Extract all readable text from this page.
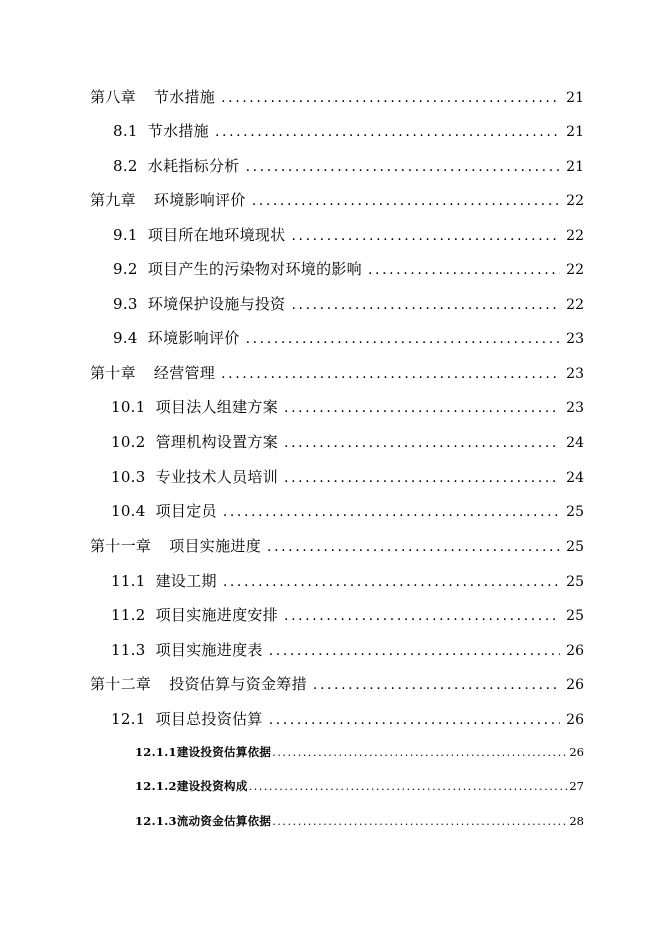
第八章 节水措施 .....	21
8.1 节水措施 .....	21
8.2 水耗指标分析 .....	21
第九章 环境影响评价 .....	22
9.1 项目所在地环境现状 .....	22
9.2 项目产生的污染物对环境的影响 .....	22
9.3 环境保护设施与投资 .....	22
9.4 环境影响评价 .....	23
第十章 经营管理 .....	23
10.1 项目法人组建方案 .....	23
10.2 管理机构设置方案 .....	24
10.3 专业技术人员培训 .....	24
10.4 项目定员 .....	25
第十一章 项目实施进度 .....	25
11.1 建设工期 .....	25
11.2 项目实施进度安排 .....	25
11.3 项目实施进度表 .....	26
第十二章 投资估算与资金筹措 .....	26
12.1 项目总投资估算 .....	26
12.1.1建设投资估算依据 .....	26
12.1.2建设投资构成 .....	27
12.1.3流动资金估算依据 .....	28
